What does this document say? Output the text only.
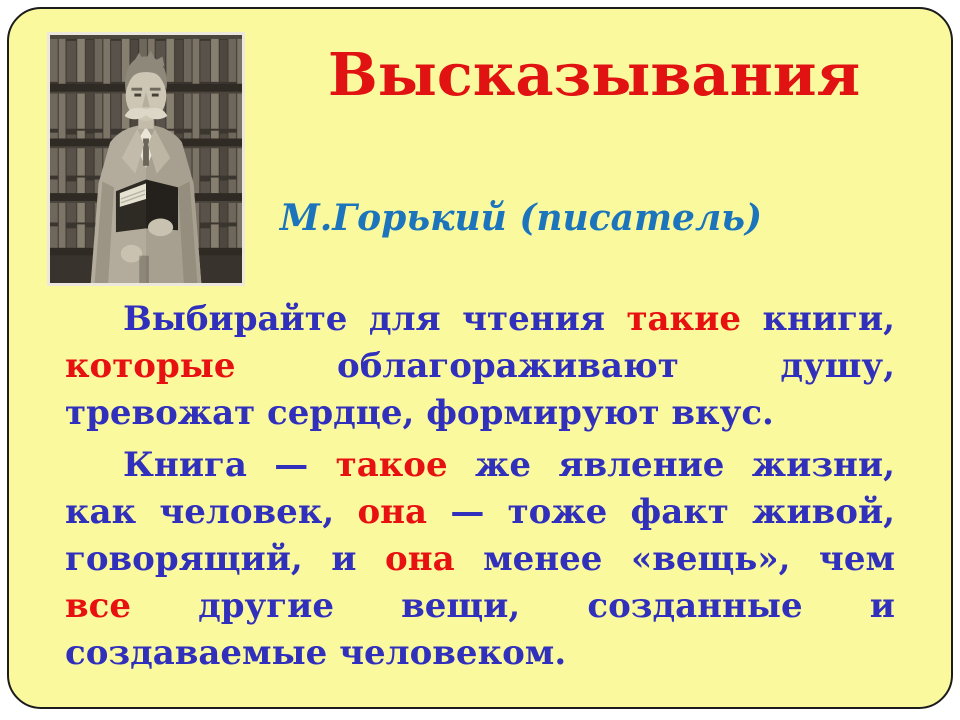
Высказывания
М.Горький (писатель)
Выбирайте для чтения такие книги,
которые облагораживают душу,
тревожат сердце, формируют вкус.
Книга — такое же явление жизни,
как человек, она — тоже факт живой,
говорящий, и она менее «вещь», чем
все другие вещи, созданные и
создаваемые человеком.
